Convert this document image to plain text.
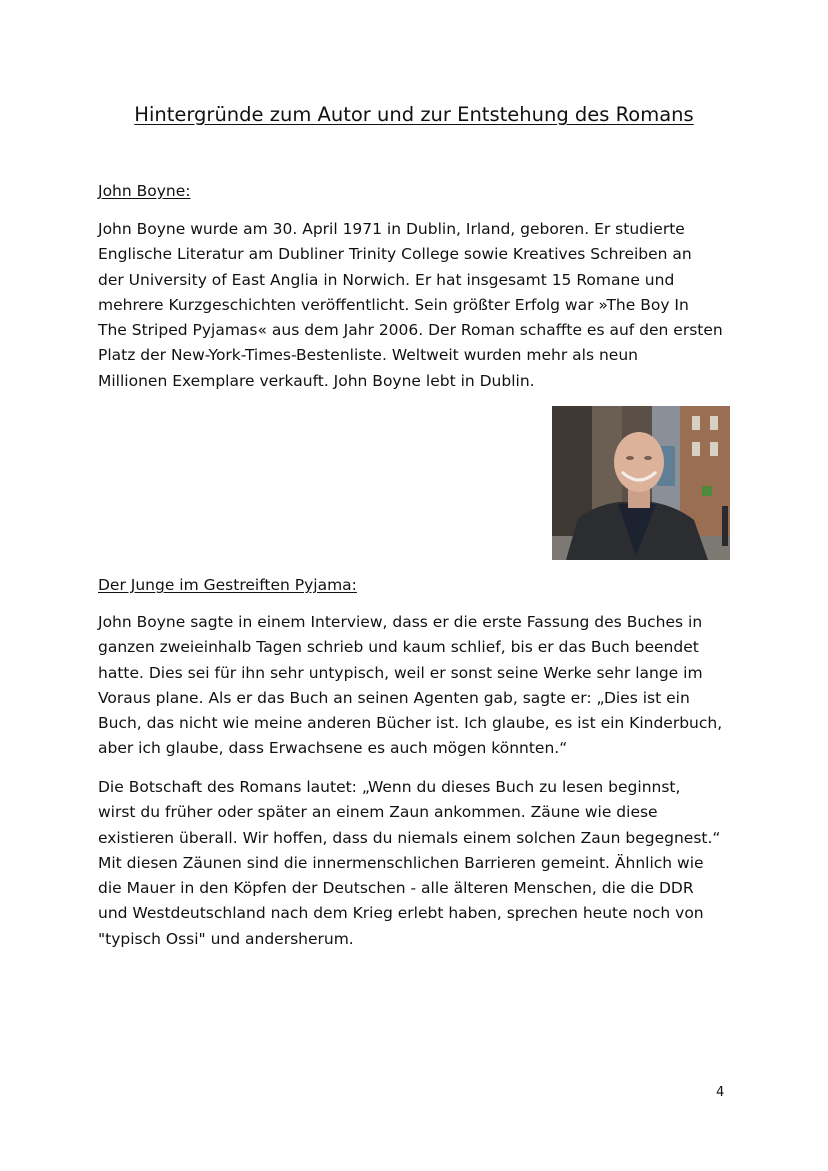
Hintergründe zum Autor und zur Entstehung des Romans
John Boyne:

John Boyne wurde am 30. April 1971 in Dublin, Irland, geboren. Er studierte
Englische Literatur am Dubliner Trinity College sowie Kreatives Schreiben an
der University of East Anglia in Norwich. Er hat insgesamt 15 Romane und
mehrere Kurzgeschichten veröffentlicht. Sein größter Erfolg war »The Boy In
The Striped Pyjamas« aus dem Jahr 2006. Der Roman schaffte es auf den ersten
Platz der New-York-Times-Bestenliste. Weltweit wurden mehr als neun
Millionen Exemplare verkauft. John Boyne lebt in Dublin.

Der Junge im Gestreiften Pyjama:

John Boyne sagte in einem Interview, dass er die erste Fassung des Buches in
ganzen zweieinhalb Tagen schrieb und kaum schlief, bis er das Buch beendet
hatte. Dies sei für ihn sehr untypisch, weil er sonst seine Werke sehr lange im
Voraus plane. Als er das Buch an seinen Agenten gab, sagte er: „Dies ist ein
Buch, das nicht wie meine anderen Bücher ist. Ich glaube, es ist ein Kinderbuch,
aber ich glaube, dass Erwachsene es auch mögen könnten.“

Die Botschaft des Romans lautet: „Wenn du dieses Buch zu lesen beginnst,
wirst du früher oder später an einem Zaun ankommen. Zäune wie diese
existieren überall. Wir hoffen, dass du niemals einem solchen Zaun begegnest.“
Mit diesen Zäunen sind die innermenschlichen Barrieren gemeint. Ähnlich wie
die Mauer in den Köpfen der Deutschen - alle älteren Menschen, die die DDR
und Westdeutschland nach dem Krieg erlebt haben, sprechen heute noch von
"typisch Ossi" und andersherum.

4
